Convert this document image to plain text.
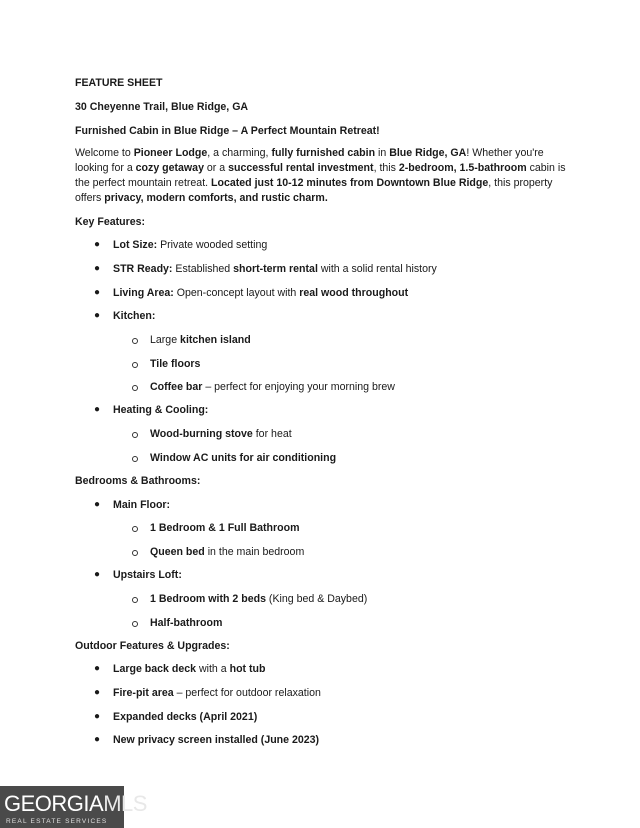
FEATURE SHEET
30 Cheyenne Trail, Blue Ridge, GA
Furnished Cabin in Blue Ridge – A Perfect Mountain Retreat!
Welcome to Pioneer Lodge, a charming, fully furnished cabin in Blue Ridge, GA! Whether you're looking for a cozy getaway or a successful rental investment, this 2-bedroom, 1.5-bathroom cabin is the perfect mountain retreat. Located just 10-12 minutes from Downtown Blue Ridge, this property offers privacy, modern comforts, and rustic charm.
Key Features:
● Lot Size: Private wooded setting
● STR Ready: Established short-term rental with a solid rental history
● Living Area: Open-concept layout with real wood throughout
● Kitchen:
Large kitchen island
Tile floors
Coffee bar – perfect for enjoying your morning brew
● Heating & Cooling:
Wood-burning stove for heat
Window AC units for air conditioning
Bedrooms & Bathrooms:
● Main Floor:
1 Bedroom & 1 Full Bathroom
Queen bed in the main bedroom
● Upstairs Loft:
1 Bedroom with 2 beds (King bed & Daybed)
Half-bathroom
Outdoor Features & Upgrades:
● Large back deck with a hot tub
● Fire-pit area – perfect for outdoor relaxation
● Expanded decks (April 2021)
● New privacy screen installed (June 2023)
GEORGIAMLS
REAL ESTATE SERVICES
